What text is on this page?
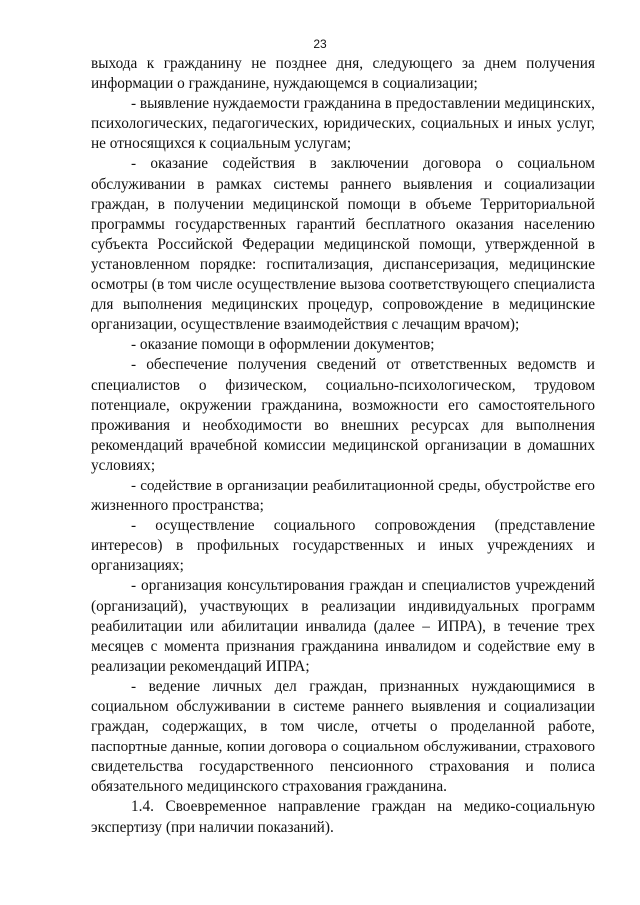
23
выхода к гражданину не позднее дня, следующего за днем получения
информации о гражданине, нуждающемся в социализации;
- выявление нуждаемости гражданина в предоставлении медицинских,
психологических, педагогических, юридических, социальных и иных услуг,
не относящихся к социальным услугам;
- оказание содействия в заключении договора о социальном
обслуживании в рамках системы раннего выявления и социализации
граждан, в получении медицинской помощи в объеме Территориальной
программы государственных гарантий бесплатного оказания населению
субъекта Российской Федерации медицинской помощи, утвержденной в
установленном порядке: госпитализация, диспансеризация, медицинские
осмотры (в том числе осуществление вызова соответствующего специалиста
для выполнения медицинских процедур, сопровождение в медицинские
организации, осуществление взаимодействия с лечащим врачом);
- оказание помощи в оформлении документов;
- обеспечение получения сведений от ответственных ведомств и
специалистов о физическом, социально-психологическом, трудовом
потенциале, окружении гражданина, возможности его самостоятельного
проживания и необходимости во внешних ресурсах для выполнения
рекомендаций врачебной комиссии медицинской организации в домашних
условиях;
- содействие в организации реабилитационной среды, обустройстве его
жизненного пространства;
- осуществление социального сопровождения (представление
интересов) в профильных государственных и иных учреждениях и
организациях;
- организация консультирования граждан и специалистов учреждений
(организаций), участвующих в реализации индивидуальных программ
реабилитации или абилитации инвалида (далее – ИПРА), в течение трех
месяцев с момента признания гражданина инвалидом и содействие ему в
реализации рекомендаций ИПРА;
- ведение личных дел граждан, признанных нуждающимися в
социальном обслуживании в системе раннего выявления и социализации
граждан, содержащих, в том числе, отчеты о проделанной работе,
паспортные данные, копии договора о социальном обслуживании, страхового
свидетельства государственного пенсионного страхования и полиса
обязательного медицинского страхования гражданина.
1.4. Своевременное направление граждан на медико-социальную
экспертизу (при наличии показаний).
